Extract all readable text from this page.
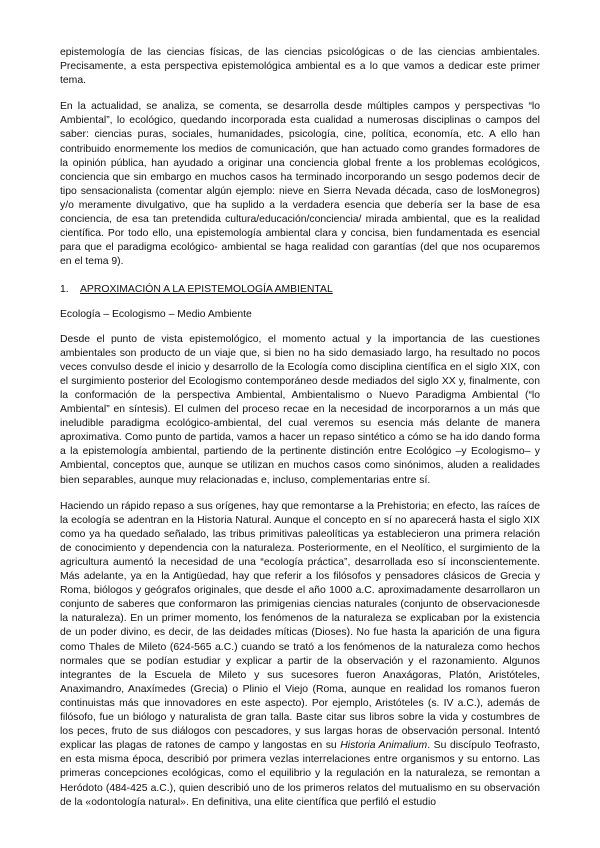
epistemología de las ciencias físicas, de las ciencias psicológicas o de las ciencias ambientales. Precisamente, a esta perspectiva epistemológica ambiental es a lo que vamos a dedicar este primer tema.

En la actualidad, se analiza, se comenta, se desarrolla desde múltiples campos y perspectivas “lo Ambiental”, lo ecológico, quedando incorporada esta cualidad a numerosas disciplinas o campos del saber: ciencias puras, sociales, humanidades, psicología, cine, política, economía, etc. A ello han contribuido enormemente los medios de comunicación, que han actuado como grandes formadores de la opinión pública, han ayudado a originar una conciencia global frente a los problemas ecológicos, conciencia que sin embargo en muchos casos ha terminado incorporando un sesgo podemos decir de tipo sensacionalista (comentar algún ejemplo: nieve en Sierra Nevada década, caso de losMonegros) y/o meramente divulgativo, que ha suplido a la verdadera esencia que debería ser la base de esa conciencia, de esa tan pretendida cultura/educación/conciencia/ mirada ambiental, que es la realidad científica. Por todo ello, una epistemología ambiental clara y concisa, bien fundamentada es esencial para que el paradigma ecológico- ambiental se haga realidad con garantías (del que nos ocuparemos en el tema 9).

1. APROXIMACIÓN A LA EPISTEMOLOGÍA AMBIENTAL
Ecología – Ecologismo – Medio Ambiente

Desde el punto de vista epistemológico, el momento actual y la importancia de las cuestiones ambientales son producto de un viaje que, si bien no ha sido demasiado largo, ha resultado no pocos veces convulso desde el inicio y desarrollo de la Ecología como disciplina científica en el siglo XIX, con el surgimiento posterior del Ecologismo contemporáneo desde mediados del siglo XX y, finalmente, con la conformación de la perspectiva Ambiental, Ambientalismo o Nuevo Paradigma Ambiental (“lo Ambiental” en síntesis). El culmen del proceso recae en la necesidad de incorporarnos a un más que ineludible paradigma ecológico-ambiental, del cual veremos su esencia más delante de manera aproximativa. Como punto de partida, vamos a hacer un repaso sintético a cómo se ha ido dando forma a la epistemología ambiental, partiendo de la pertinente distinción entre Ecológico –y Ecologismo– y Ambiental, conceptos que, aunque se utilizan en muchos casos como sinónimos, aluden a realidades bien separables, aunque muy relacionadas e, incluso, complementarias entre sí.

Haciendo un rápido repaso a sus orígenes, hay que remontarse a la Prehistoria; en efecto, las raíces de la ecología se adentran en la Historia Natural. Aunque el concepto en sí no aparecerá hasta el siglo XIX como ya ha quedado señalado, las tribus primitivas paleolíticas ya establecieron una primera relación de conocimiento y dependencia con la naturaleza. Posteriormente, en el Neolítico, el surgimiento de la agricultura aumentó la necesidad de una “ecología práctica”, desarrollada eso sí inconscientemente. Más adelante, ya en la Antigüedad, hay que referir a los filósofos y pensadores clásicos de Grecia y Roma, biólogos y geógrafos originales, que desde el año 1000 a.C. aproximadamente desarrollaron un conjunto de saberes que conformaron las primigenias ciencias naturales (conjunto de observacionesde la naturaleza). En un primer momento, los fenómenos de la naturaleza se explicaban por la existencia de un poder divino, es decir, de las deidades míticas (Dioses). No fue hasta la aparición de una figura como Thales de Mileto (624-565 a.C.) cuando se trató a los fenómenos de la naturaleza como hechos normales que se podían estudiar y explicar a partir de la observación y el razonamiento. Algunos integrantes de la Escuela de Mileto y sus sucesores fueron Anaxágoras, Platón, Aristóteles, Anaximandro, Anaxímedes (Grecia) o Plinio el Viejo (Roma, aunque en realidad los romanos fueron continuistas más que innovadores en este aspecto). Por ejemplo, Aristóteles (s. IV a.C.), además de filósofo, fue un biólogo y naturalista de gran talla. Baste citar sus libros sobre la vida y costumbres de los peces, fruto de sus diálogos con pescadores, y sus largas horas de observación personal. Intentó explicar las plagas de ratones de campo y langostas en su Historia Animalium. Su discípulo Teofrasto, en esta misma época, describió por primera vezlas interrelaciones entre organismos y su entorno. Las primeras concepciones ecológicas, como el equilibrio y la regulación en la naturaleza, se remontan a Heródoto (484-425 a.C.), quien describió uno de los primeros relatos del mutualismo en su observación de la «odontología natural». En definitiva, una elite científica que perfiló el estudio
